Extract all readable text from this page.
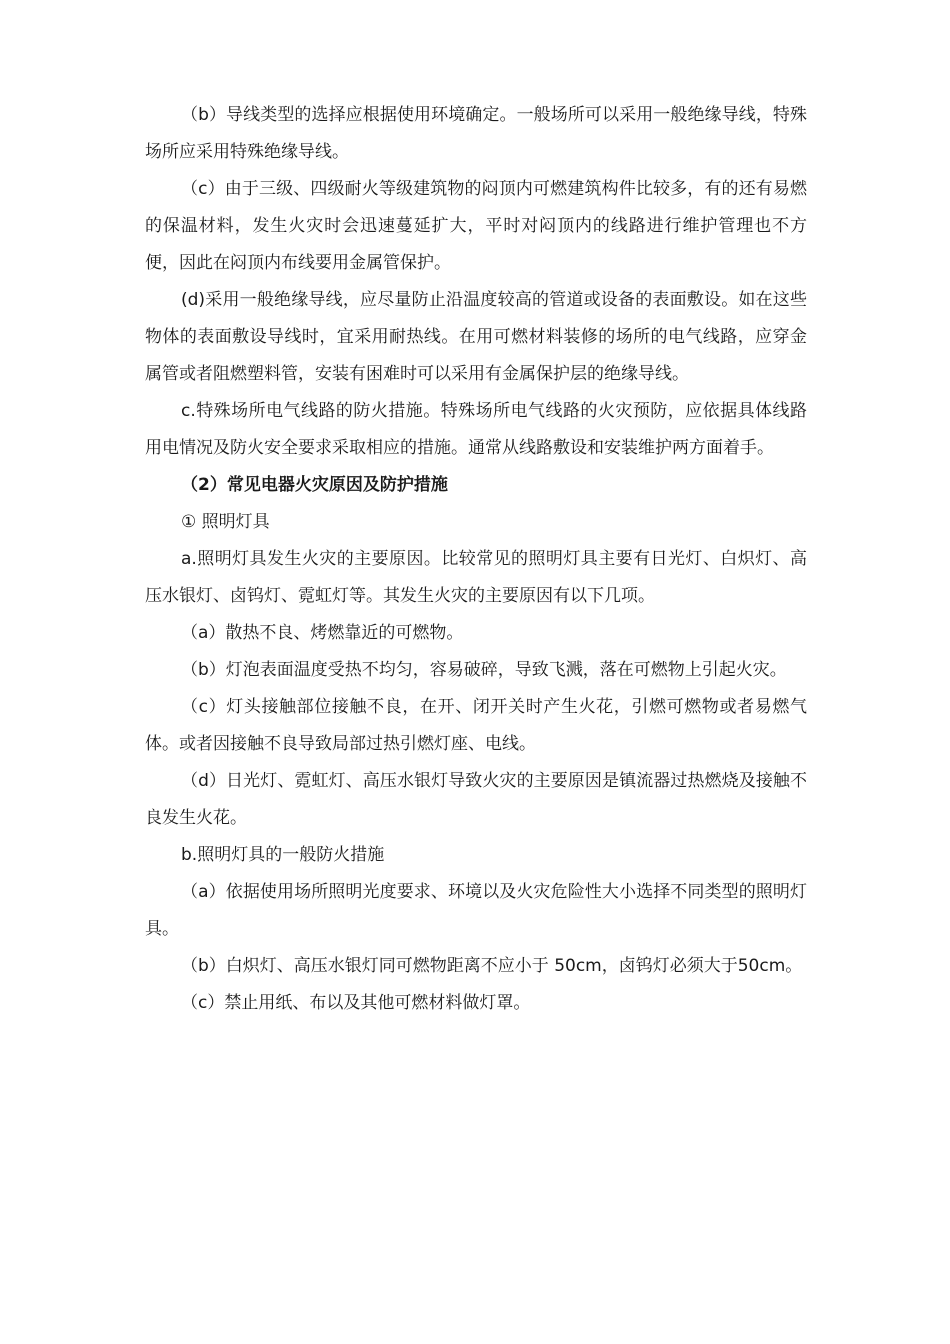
（b）导线类型的选择应根据使用环境确定。一般场所可以采用一般绝缘导线，特殊场所应采用特殊绝缘导线。

（c）由于三级、四级耐火等级建筑物的闷顶内可燃建筑构件比较多，有的还有易燃的保温材料，发生火灾时会迅速蔓延扩大，平时对闷顶内的线路进行维护管理也不方便，因此在闷顶内布线要用金属管保护。

(d)采用一般绝缘导线，应尽量防止沿温度较高的管道或设备的表面敷设。如在这些物体的表面敷设导线时，宜采用耐热线。在用可燃材料装修的场所的电气线路，应穿金属管或者阻燃塑料管，安装有困难时可以采用有金属保护层的绝缘导线。

c.特殊场所电气线路的防火措施。特殊场所电气线路的火灾预防，应依据具体线路用电情况及防火安全要求采取相应的措施。通常从线路敷设和安装维护两方面着手。

（2）常见电器火灾原因及防护措施

① 照明灯具

a.照明灯具发生火灾的主要原因。比较常见的照明灯具主要有日光灯、白炽灯、高压水银灯、卤钨灯、霓虹灯等。其发生火灾的主要原因有以下几项。

（a）散热不良、烤燃靠近的可燃物。

（b）灯泡表面温度受热不均匀，容易破碎，导致飞溅，落在可燃物上引起火灾。

（c）灯头接触部位接触不良，在开、闭开关时产生火花，引燃可燃物或者易燃气体。或者因接触不良导致局部过热引燃灯座、电线。

（d）日光灯、霓虹灯、高压水银灯导致火灾的主要原因是镇流器过热燃烧及接触不良发生火花。

b.照明灯具的一般防火措施

（a）依据使用场所照明光度要求、环境以及火灾危险性大小选择不同类型的照明灯具。

（b）白炽灯、高压水银灯同可燃物距离不应小于 50cm，卤钨灯必须大于50cm。

（c）禁止用纸、布以及其他可燃材料做灯罩。
